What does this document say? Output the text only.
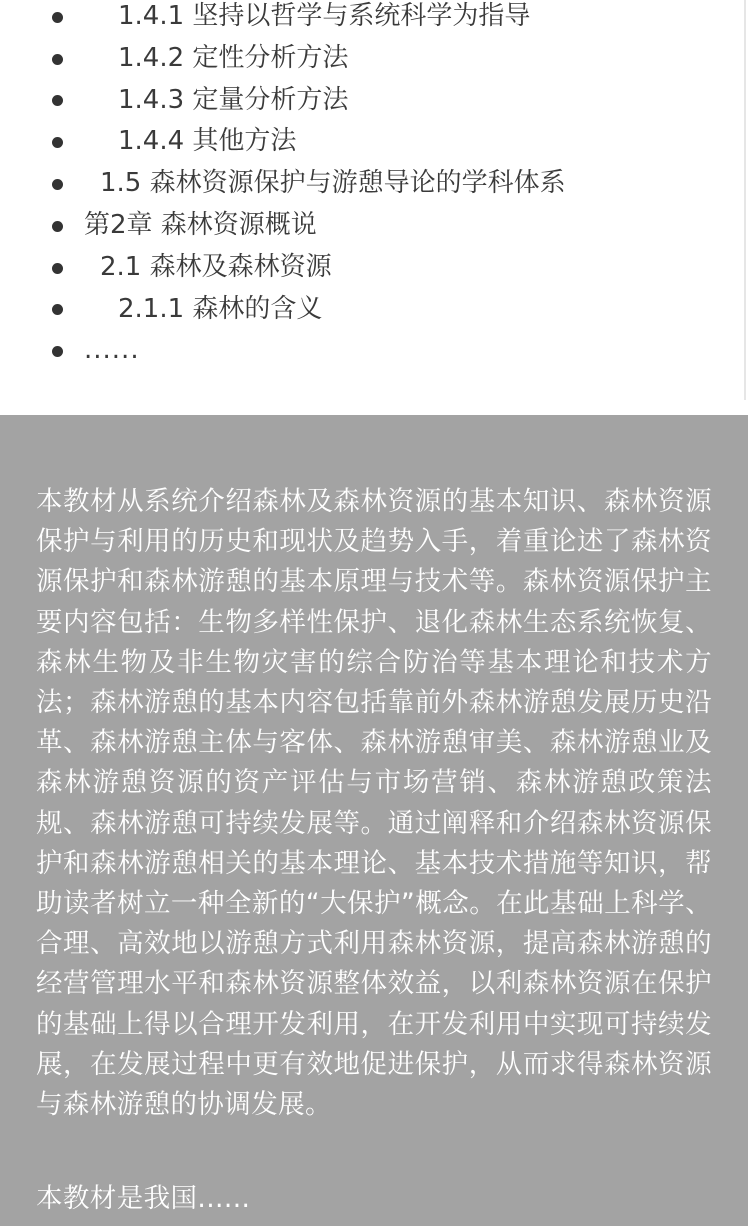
1.4.1 坚持以哲学与系统科学为指导
1.4.2 定性分析方法
1.4.3 定量分析方法
1.4.4 其他方法
1.5 森林资源保护与游憩导论的学科体系
第2章 森林资源概说
2.1 森林及森林资源
2.1.1 森林的含义
......

本教材从系统介绍森林及森林资源的基本知识、森林资源保护与利用的历史和现状及趋势入手，着重论述了森林资源保护和森林游憩的基本原理与技术等。森林资源保护主要内容包括：生物多样性保护、退化森林生态系统恢复、森林生物及非生物灾害的综合防治等基本理论和技术方法；森林游憩的基本内容包括靠前外森林游憩发展历史沿革、森林游憩主体与客体、森林游憩审美、森林游憩业及森林游憩资源的资产评估与市场营销、森林游憩政策法规、森林游憩可持续发展等。通过阐释和介绍森林资源保护和森林游憩相关的基本理论、基本技术措施等知识，帮助读者树立一种全新的“大保护”概念。在此基础上科学、合理、高效地以游憩方式利用森林资源，提高森林游憩的经营管理水平和森林资源整体效益，以利森林资源在保护的基础上得以合理开发利用，在开发利用中实现可持续发展，在发展过程中更有效地促进保护，从而求得森林资源与森林游憩的协调发展。

本教材是我国......
